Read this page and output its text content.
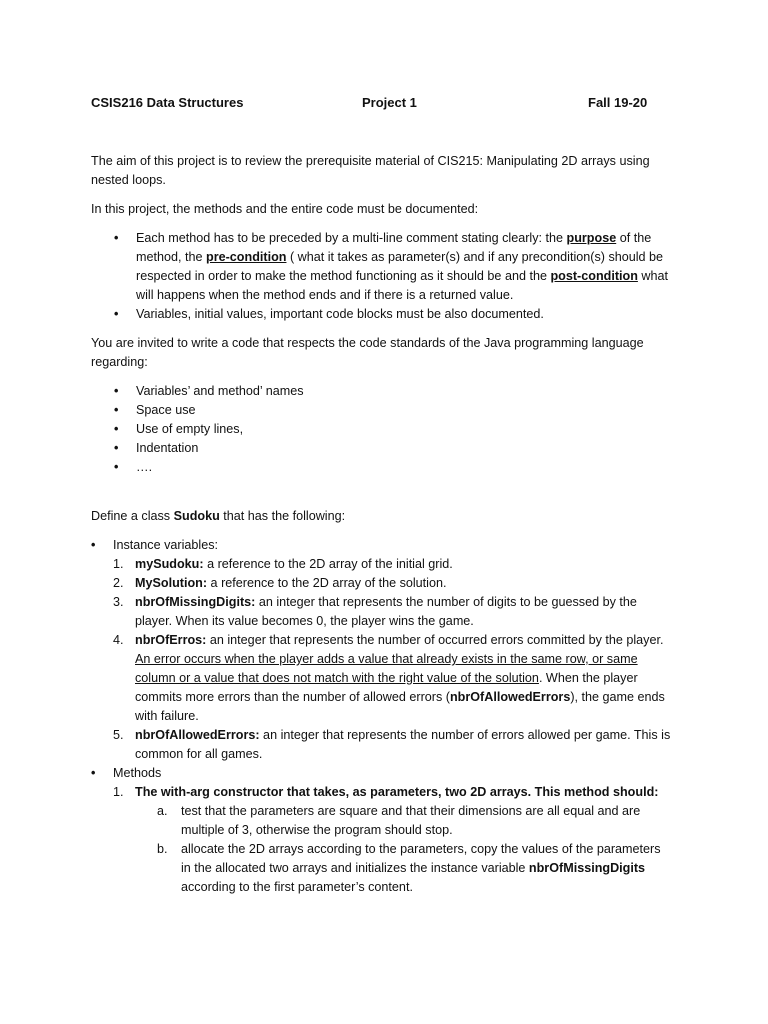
CSIS216 Data Structures	Project 1	Fall 19-20

The aim of this project is to review the prerequisite material of CIS215: Manipulating 2D arrays using nested loops.

In this project, the methods and the entire code must be documented:

• Each method has to be preceded by a multi-line comment stating clearly: the purpose of the method, the pre-condition ( what it takes as parameter(s) and if any precondition(s) should be respected in order to make the method functioning as it should be and the post-condition what will happens when the method ends and if there is a returned value.
• Variables, initial values, important code blocks must be also documented.

You are invited to write a code that respects the code standards of the Java programming language regarding:

• Variables’ and method’ names
• Space use
• Use of empty lines,
• Indentation
• ….

Define a class Sudoku that has the following:

• Instance variables:
1. mySudoku: a reference to the 2D array of the initial grid.
2. MySolution: a reference to the 2D array of the solution.
3. nbrOfMissingDigits: an integer that represents the number of digits to be guessed by the player. When its value becomes 0, the player wins the game.
4. nbrOfErros: an integer that represents the number of occurred errors committed by the player. An error occurs when the player adds a value that already exists in the same row, or same column or a value that does not match with the right value of the solution. When the player commits more errors than the number of allowed errors (nbrOfAllowedErrors), the game ends with failure.
5. nbrOfAllowedErrors: an integer that represents the number of errors allowed per game. This is common for all games.
• Methods
1. The with-arg constructor that takes, as parameters, two 2D arrays. This method should:
a. test that the parameters are square and that their dimensions are all equal and are multiple of 3, otherwise the program should stop.
b. allocate the 2D arrays according to the parameters, copy the values of the parameters in the allocated two arrays and initializes the instance variable nbrOfMissingDigits according to the first parameter’s content.
